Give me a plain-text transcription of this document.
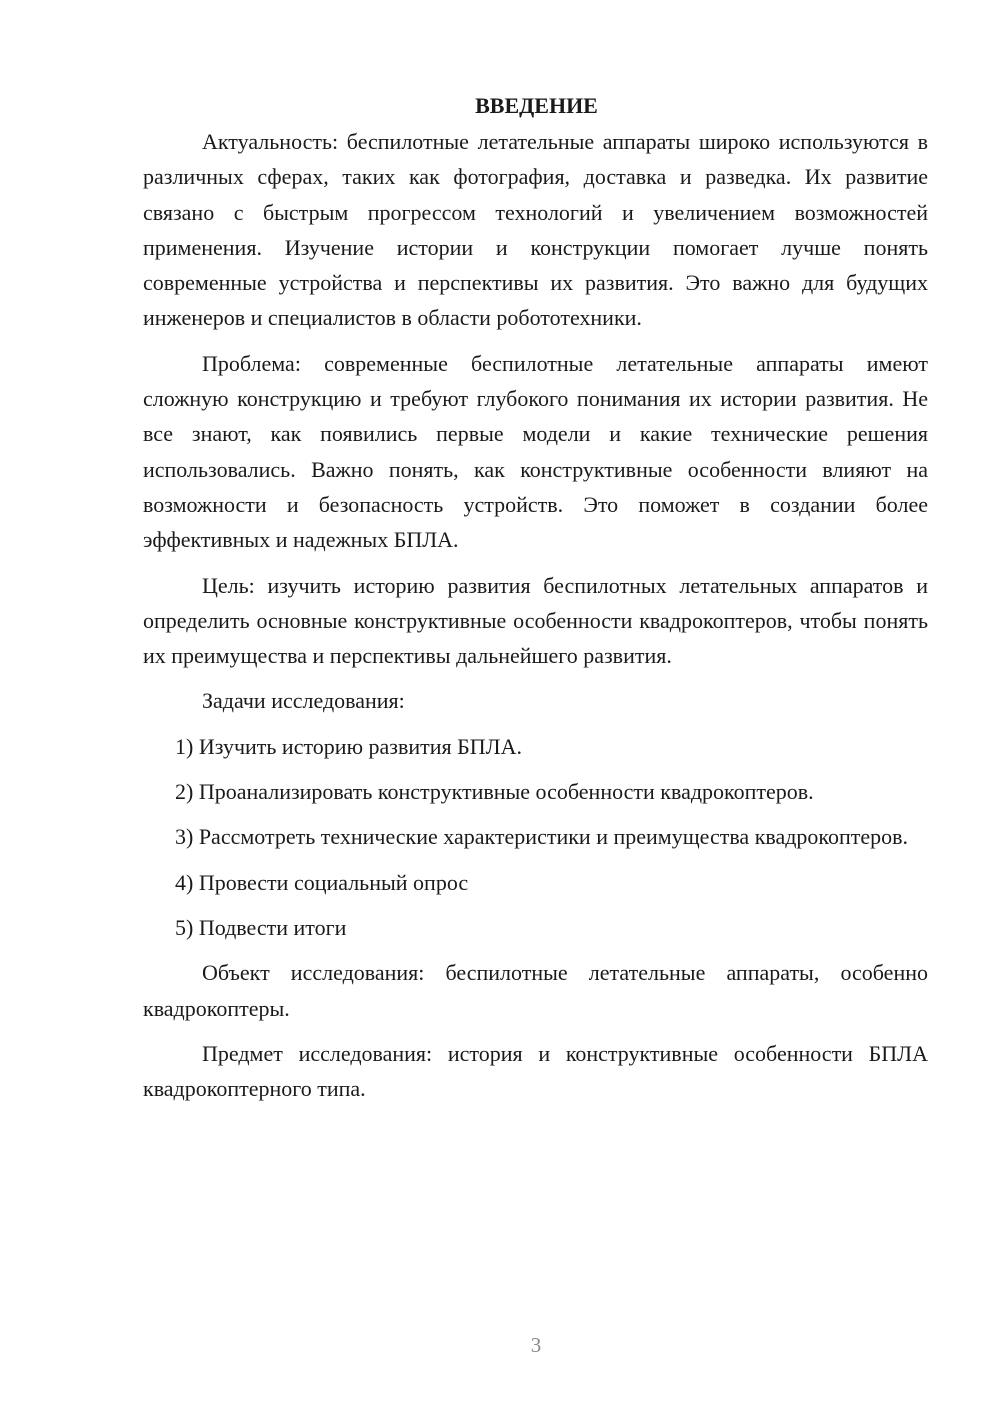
ВВЕДЕНИЕ

Актуальность: беспилотные летательные аппараты широко используются в различных сферах, таких как фотография, доставка и разведка. Их развитие связано с быстрым прогрессом технологий и увеличением возможностей применения. Изучение истории и конструкции помогает лучше понять современные устройства и перспективы их развития. Это важно для будущих инженеров и специалистов в области робототехники.

Проблема: современные беспилотные летательные аппараты имеют сложную конструкцию и требуют глубокого понимания их истории развития. Не все знают, как появились первые модели и какие технические решения использовались. Важно понять, как конструктивные особенности влияют на возможности и безопасность устройств. Это поможет в создании более эффективных и надежных БПЛА.

Цель: изучить историю развития беспилотных летательных аппаратов и определить основные конструктивные особенности квадрокоптеров, чтобы понять их преимущества и перспективы дальнейшего развития.

Задачи исследования:

1) Изучить историю развития БПЛА.

2) Проанализировать конструктивные особенности квадрокоптеров.

3) Рассмотреть технические характеристики и преимущества квадрокоптеров.

4) Провести социальный опрос

5) Подвести итоги

Объект исследования: беспилотные летательные аппараты, особенно квадрокоптеры.

Предмет исследования: история и конструктивные особенности БПЛА квадрокоптерного типа.

3
